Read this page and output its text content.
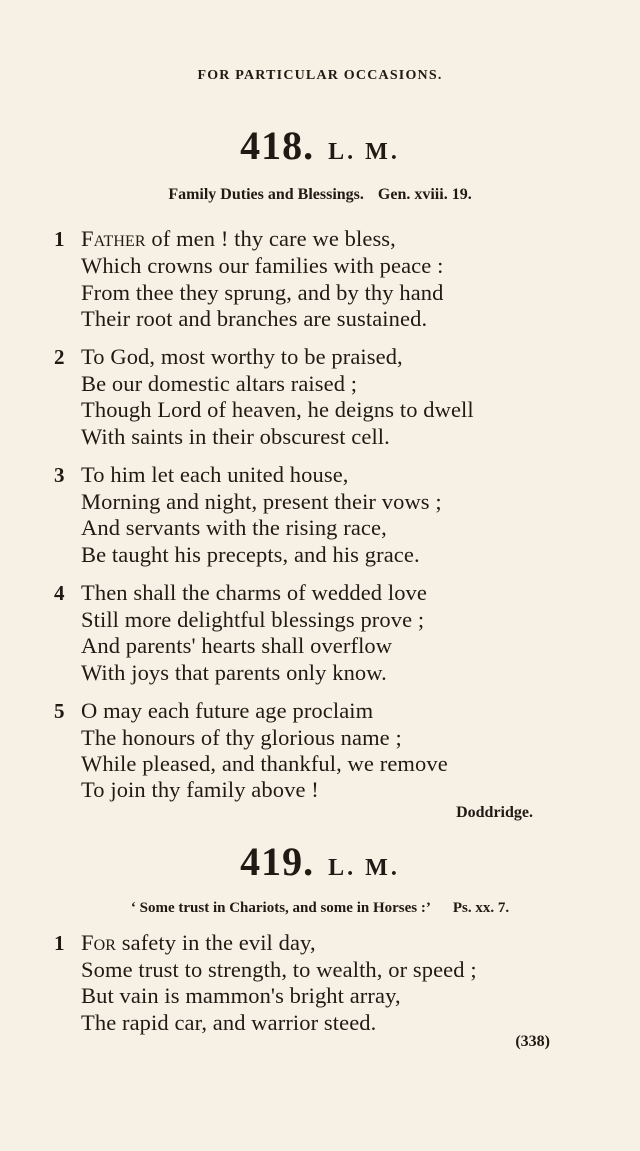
FOR PARTICULAR OCCASIONS.
418. L. M.
Family Duties and Blessings. Gen. xviii. 19.
1 Father of men ! thy care we bless,
Which crowns our families with peace :
From thee they sprung, and by thy hand
Their root and branches are sustained.
2 To God, most worthy to be praised,
Be our domestic altars raised ;
Though Lord of heaven, he deigns to dwell
With saints in their obscurest cell.
3 To him let each united house,
Morning and night, present their vows ;
And servants with the rising race,
Be taught his precepts, and his grace.
4 Then shall the charms of wedded love
Still more delightful blessings prove ;
And parents' hearts shall overflow
With joys that parents only know.
5 O may each future age proclaim
The honours of thy glorious name ;
While pleased, and thankful, we remove
To join thy family above !
Doddridge.
419. L. M.
‘ Some trust in Chariots, and some in Horses :’ Ps. xx. 7.
1 For safety in the evil day,
Some trust to strength, to wealth, or speed ;
But vain is mammon's bright array,
The rapid car, and warrior steed.
(338)
